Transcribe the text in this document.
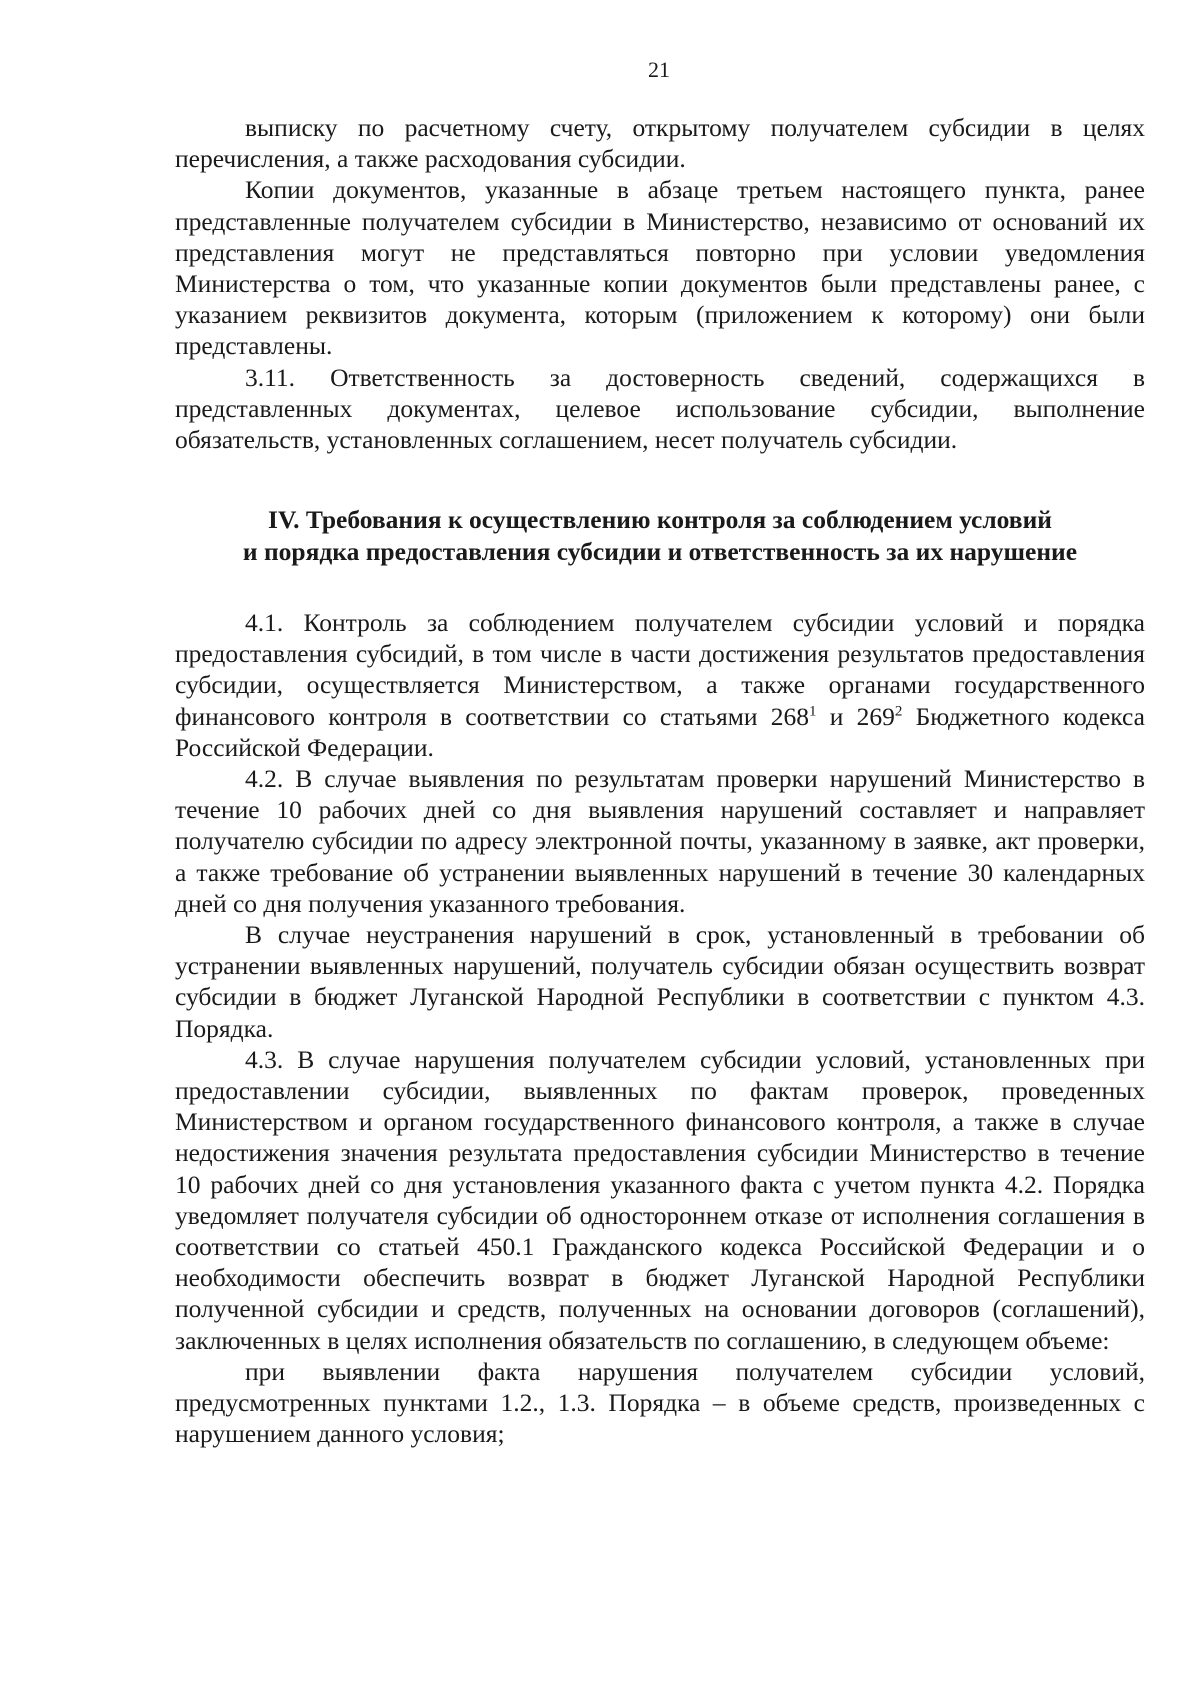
21

выписку по расчетному счету, открытому получателем субсидии в целях перечисления, а также расходования субсидии.

Копии документов, указанные в абзаце третьем настоящего пункта, ранее представленные получателем субсидии в Министерство, независимо от оснований их представления могут не представляться повторно при условии уведомления Министерства о том, что указанные копии документов были представлены ранее, с указанием реквизитов документа, которым (приложением к которому) они были представлены.

3.11. Ответственность за достоверность сведений, содержащихся в представленных документах, целевое использование субсидии, выполнение обязательств, установленных соглашением, несет получатель субсидии.

IV. Требования к осуществлению контроля за соблюдением условий
и порядка предоставления субсидии и ответственность за их нарушение

4.1. Контроль за соблюдением получателем субсидии условий и порядка предоставления субсидий, в том числе в части достижения результатов предоставления субсидии, осуществляется Министерством, а также органами государственного финансового контроля в соответствии со статьями $268^1$ и $269^2$ Бюджетного кодекса Российской Федерации.

4.2. В случае выявления по результатам проверки нарушений Министерство в течение 10 рабочих дней со дня выявления нарушений составляет и направляет получателю субсидии по адресу электронной почты, указанному в заявке, акт проверки, а также требование об устранении выявленных нарушений в течение 30 календарных дней со дня получения указанного требования.

В случае неустранения нарушений в срок, установленный в требовании об устранении выявленных нарушений, получатель субсидии обязан осуществить возврат субсидии в бюджет Луганской Народной Республики в соответствии с пунктом 4.3. Порядка.

4.3. В случае нарушения получателем субсидии условий, установленных при предоставлении субсидии, выявленных по фактам проверок, проведенных Министерством и органом государственного финансового контроля, а также в случае недостижения значения результата предоставления субсидии Министерство в течение 10 рабочих дней со дня установления указанного факта с учетом пункта 4.2. Порядка уведомляет получателя субсидии об одностороннем отказе от исполнения соглашения в соответствии со статьей 450.1 Гражданского кодекса Российской Федерации и о необходимости обеспечить возврат в бюджет Луганской Народной Республики полученной субсидии и средств, полученных на основании договоров (соглашений), заключенных в целях исполнения обязательств по соглашению, в следующем объеме:

при выявлении факта нарушения получателем субсидии условий, предусмотренных пунктами 1.2., 1.3. Порядка – в объеме средств, произведенных с нарушением данного условия;
